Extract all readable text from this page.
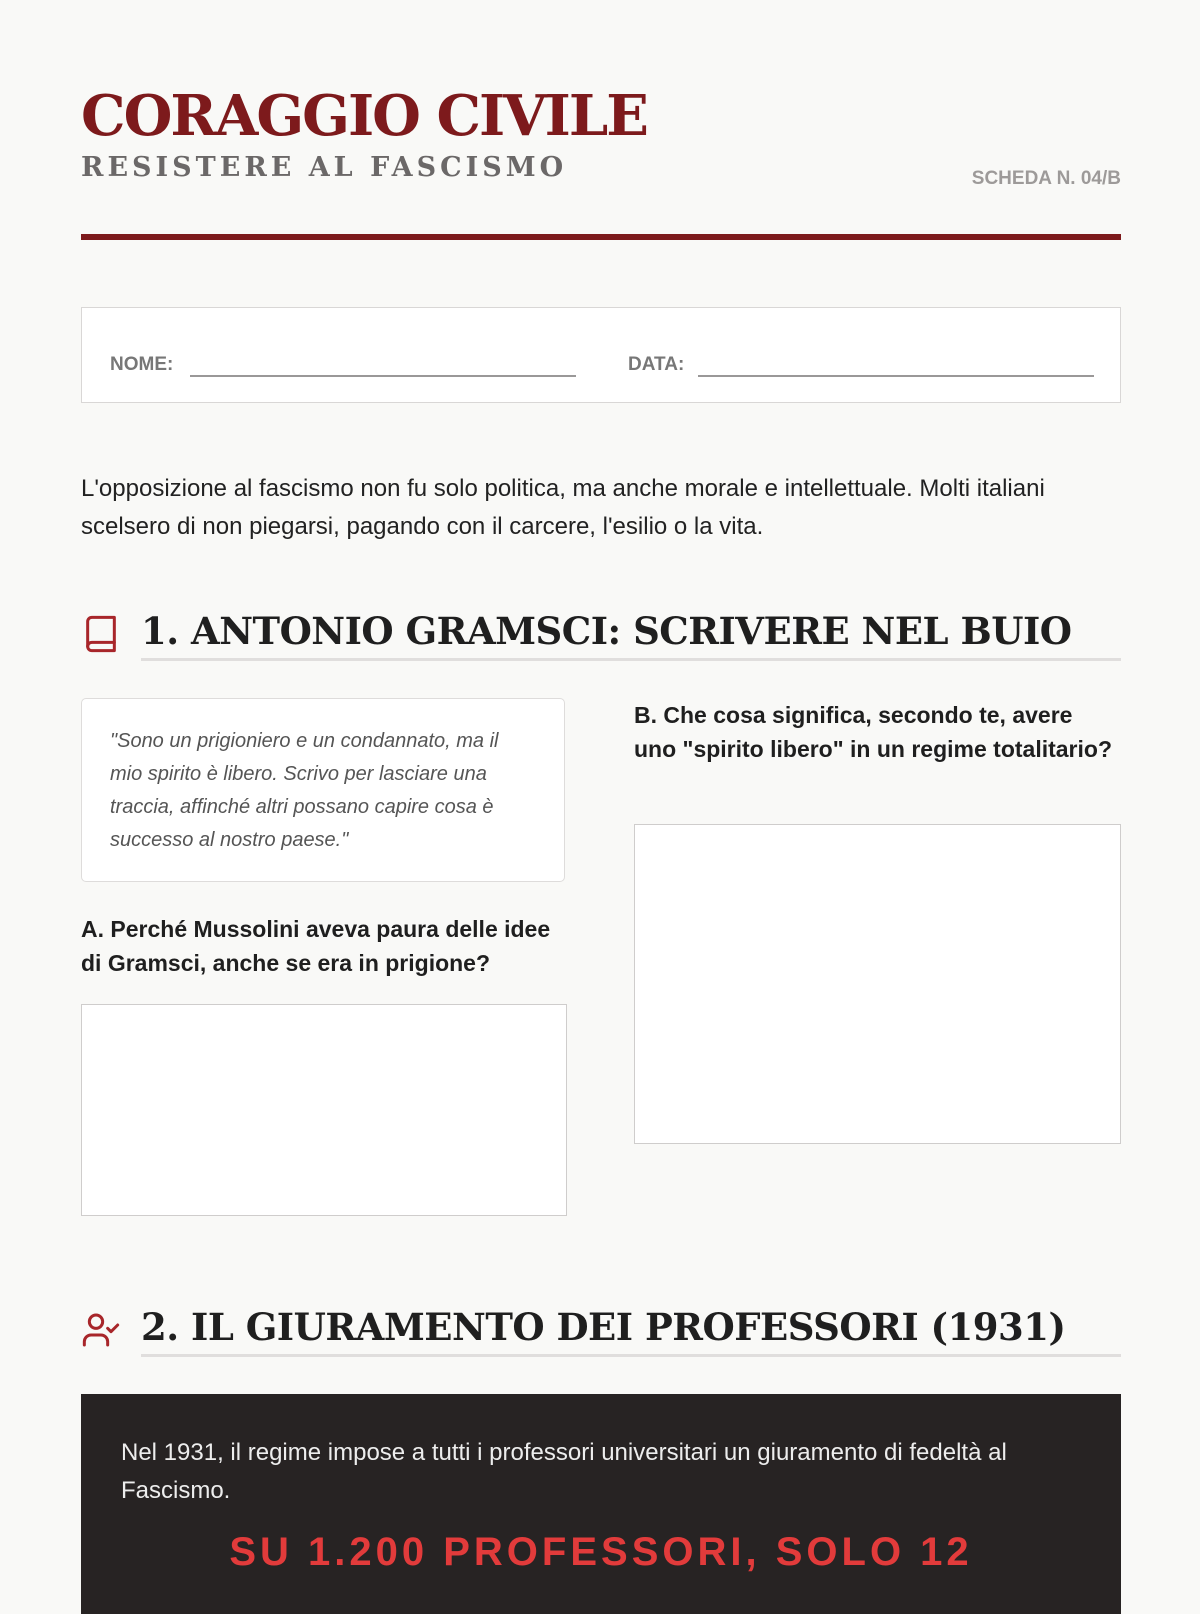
CORAGGIO CIVILE
RESISTERE AL FASCISMO	SCHEDA N. 04/B
NOME:	DATA:

L'opposizione al fascismo non fu solo politica, ma anche morale e intellettuale. Molti italiani scelsero di non piegarsi, pagando con il carcere, l'esilio o la vita.

1. ANTONIO GRAMSCI: SCRIVERE NEL BUIO

"Sono un prigioniero e un condannato, ma il mio spirito è libero. Scrivo per lasciare una traccia, affinché altri possano capire cosa è successo al nostro paese."

A. Perché Mussolini aveva paura delle idee di Gramsci, anche se era in prigione?

B. Che cosa significa, secondo te, avere uno "spirito libero" in un regime totalitario?

2. IL GIURAMENTO DEI PROFESSORI (1931)

Nel 1931, il regime impose a tutti i professori universitari un giuramento di fedeltà al Fascismo.

SU 1.200 PROFESSORI, SOLO 12
